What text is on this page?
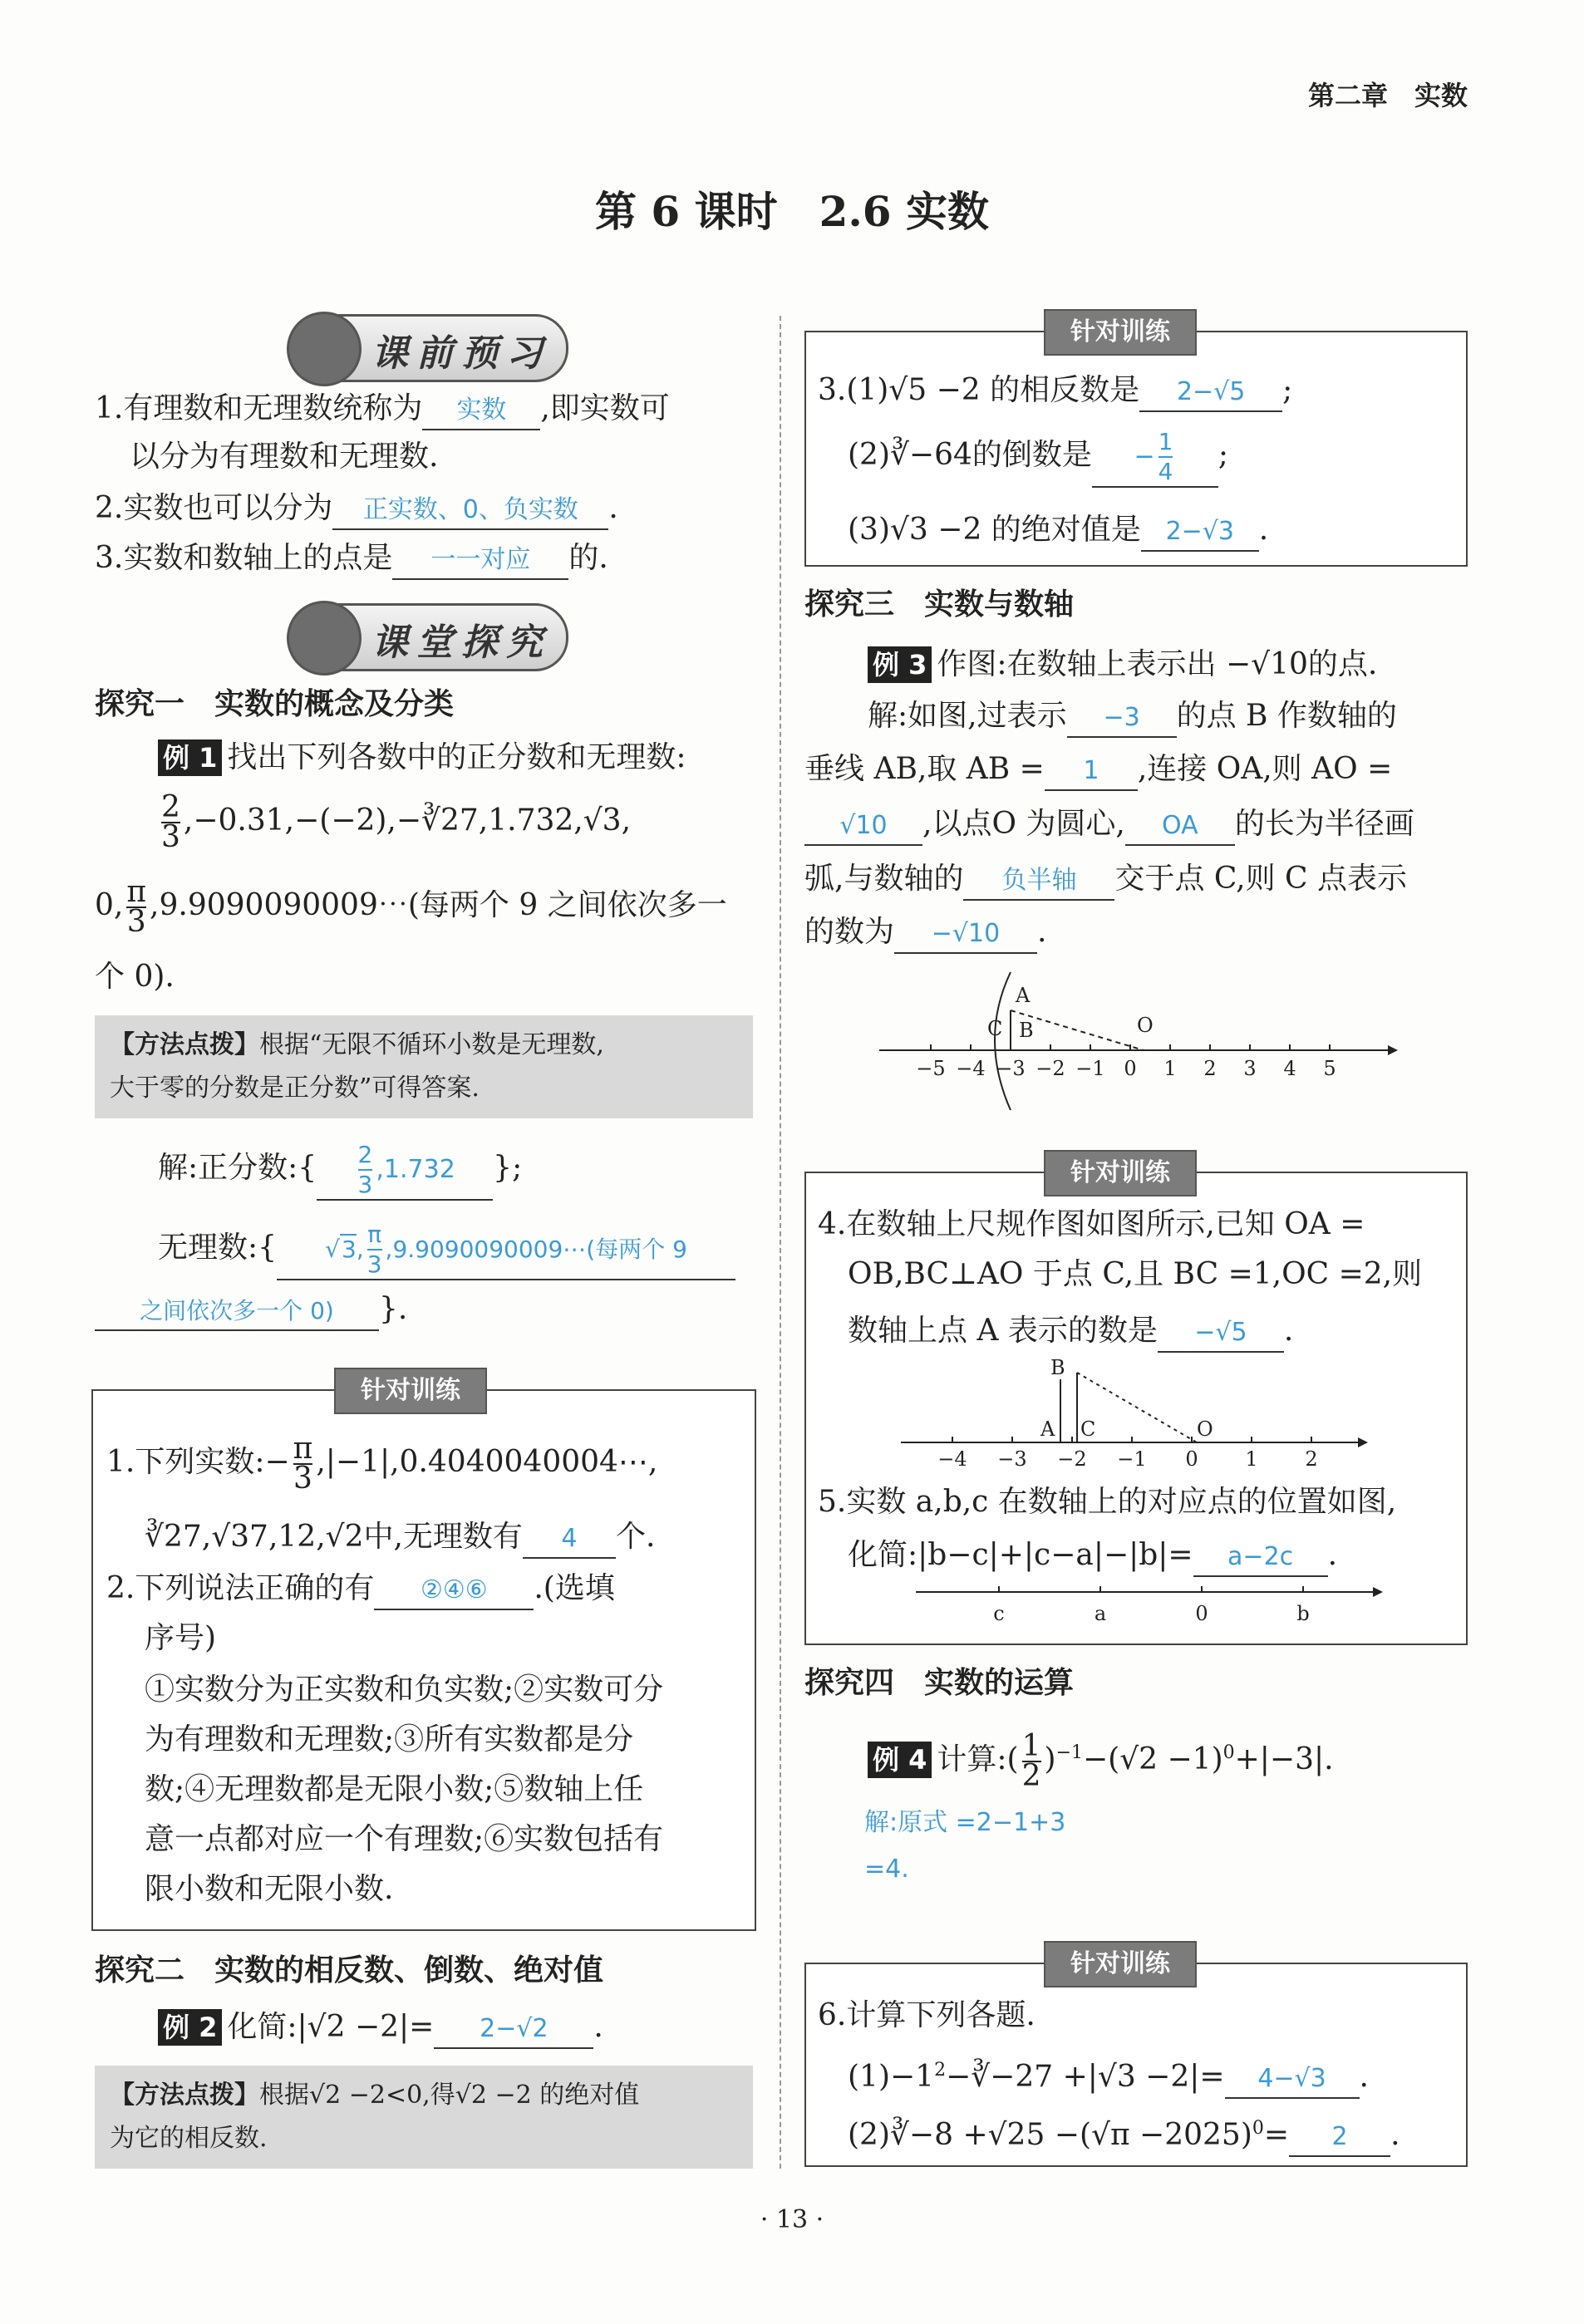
第二章　实数
第 6 课时　2.6 实数
课前预习
1.有理数和无理数统称为 实数 ,即实数可
以分为有理数和无理数.
2.实数也可以分为 正实数、0、负实数 .
3.实数和数轴上的点是 一一对应 的.
课堂探究
探究一　实数的概念及分类
例 1 找出下列各数中的正分数和无理数:
$\frac{2}{3}$ ,−0.31,−(−2),−∛27,1.732,√3,
0, $\frac{\pi}{3}$ ,9.9090090009⋯(每两个 9 之间依次多一
个 0).
【方法点拨】根据“无限不循环小数是无理数,
大于零的分数是正分数”可得答案.
解:正分数:{ $\frac{2}{3} ,1.732$ };
无理数:{ √3, $\frac{\pi}{3}$ ,9.9090090009⋯(每两个 9
之间依次多一个 0) }.
针对训练
1.下列实数:− $\frac{\pi}{3}$ ,|−1|,0.4040040004⋯,
∛27,√37,12,√2中,无理数有 4 个.
2.下列说法正确的有 ②④⑥ .(选填
序号)
①实数分为正实数和负实数;②实数可分
为有理数和无理数;③所有实数都是分
数;④无理数都是无限小数;⑤数轴上任
意一点都对应一个有理数;⑥实数包括有
限小数和无限小数.
探究二　实数的相反数、倒数、绝对值
例 2 化简:|√2 −2|= 2−√2 .
【方法点拨】根据√2 −2<0,得√2 −2 的绝对值
为它的相反数.
针对训练
3.(1)√5 −2 的相反数是 2−√5 ;
(2)∛−64的倒数是 − $\frac{1}{4}$ ;
(3)√3 −2 的绝对值是 2−√3 .
探究三　实数与数轴
例 3 作图:在数轴上表示出 −√10的点.
解:如图,过表示 −3 的点 B 作数轴的
垂线 AB,取 AB = 1 ,连接 OA,则 AO =
√10 ,以点O 为圆心, OA 的长为半径画
弧,与数轴的 负半轴 交于点 C,则 C 点表示
的数为 −√10 .
−5 −4 −3 −2 −1 0 1 2 3 4 5
A
B
C	O
针对训练
4.在数轴上尺规作图如图所示,已知 OA =
OB,BC⊥AO 于点 C,且 BC =1,OC =2,则
数轴上点 A 表示的数是 −√5 .
−4 −3 −2 −1 0 1 2
B
A C	O
5.实数 a,b,c 在数轴上的对应点的位置如图,
化简:|b−c|+|c−a|−|b|= a−2c .
c	a	0	b
探究四　实数的运算
例 4 计算:( $\frac{1}{2} )^{-1}-(√2 -1)^0+|-3|$.
解:原式 =2−1+3
=4.
针对训练
6.计算下列各题.
$(1)-1^2-∛-27 +|√3 -2|= 4-√3$ .
(2)∛−8 $+√25 -(√\pi -2025)^0= 2$ .
· 13 ·
